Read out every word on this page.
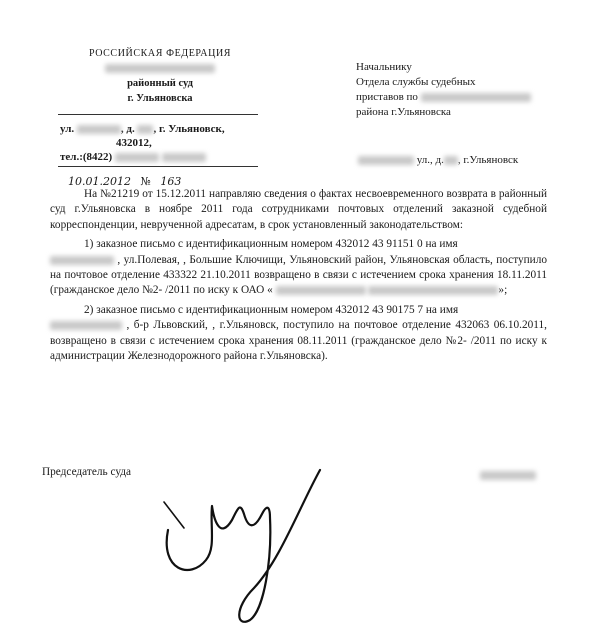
РОССИЙСКАЯ ФЕДЕРАЦИЯ
районный суд
г. Ульяновска
ул.	, д. , г. Ульяновск,
432012,
тел.:(8422)
10.01.2012 № 163
Начальнику
Отдела службы судебных
приставов по
района г.Ульяновска
ул., д. , г.Ульяновск

На №21219 от 15.12.2011 направляю сведения о фактах несвоевременного возврата в районный суд г.Ульяновска в ноябре 2011 года сотрудниками почтовых отделений заказной судебной корреспонденции, неврученной адресатам, в срок установленный законодательством:

1) заказное письмо с идентификационным номером 432012 43 91151 0 на имя

, ул.Полевая, , Большие Ключищи, Ульяновский район, Ульяновская область, поступило на почтовое отделение 433322 21.10.2011 возвращено в связи с истечением срока хранения 18.11.2011 (гражданское дело №2- /2011 по иску к ОАО «	»;

2) заказное письмо с идентификационным номером 432012 43 90175 7 на имя

, б-р Львовский, , г.Ульяновск, поступило на почтовое отделение 432063 06.10.2011, возвращено в связи с истечением срока хранения 08.11.2011 (гражданское дело №2- /2011 по иску к администрации Железнодорожного района г.Ульяновска).

Председатель суда
